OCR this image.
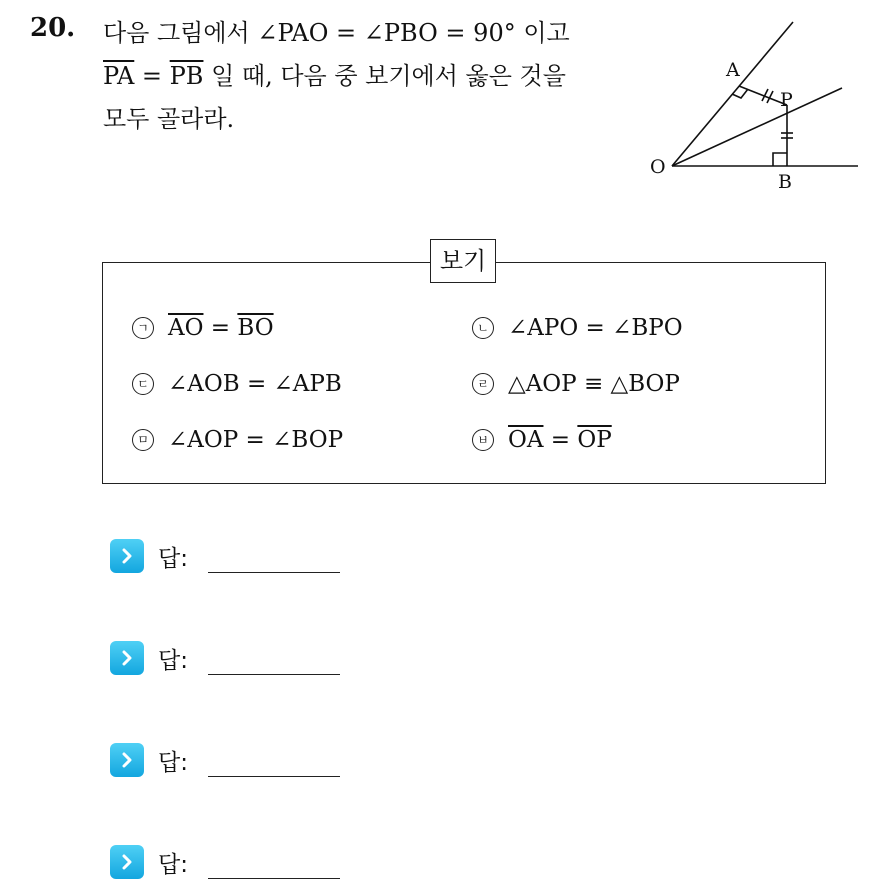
20. 다음 그림에서 ∠PAO = ∠PBO = 90° 이고
$\overline{PA} = \overline{PB}$ 일 때, 다음 중 보기에서 옳은 것을
모두 골라라.
O
A
P
B
보기
ㄱ $\overline{AO} = \overline{BO}$	ㄴ ∠APO = ∠BPO
ㄷ ∠AOB = ∠APB	ㄹ △AOP ≡ △BOP
ㅁ ∠AOP = ∠BOP	ㅂ $\overline{OA} = \overline{OP}$
답:
답:
답:
답:
